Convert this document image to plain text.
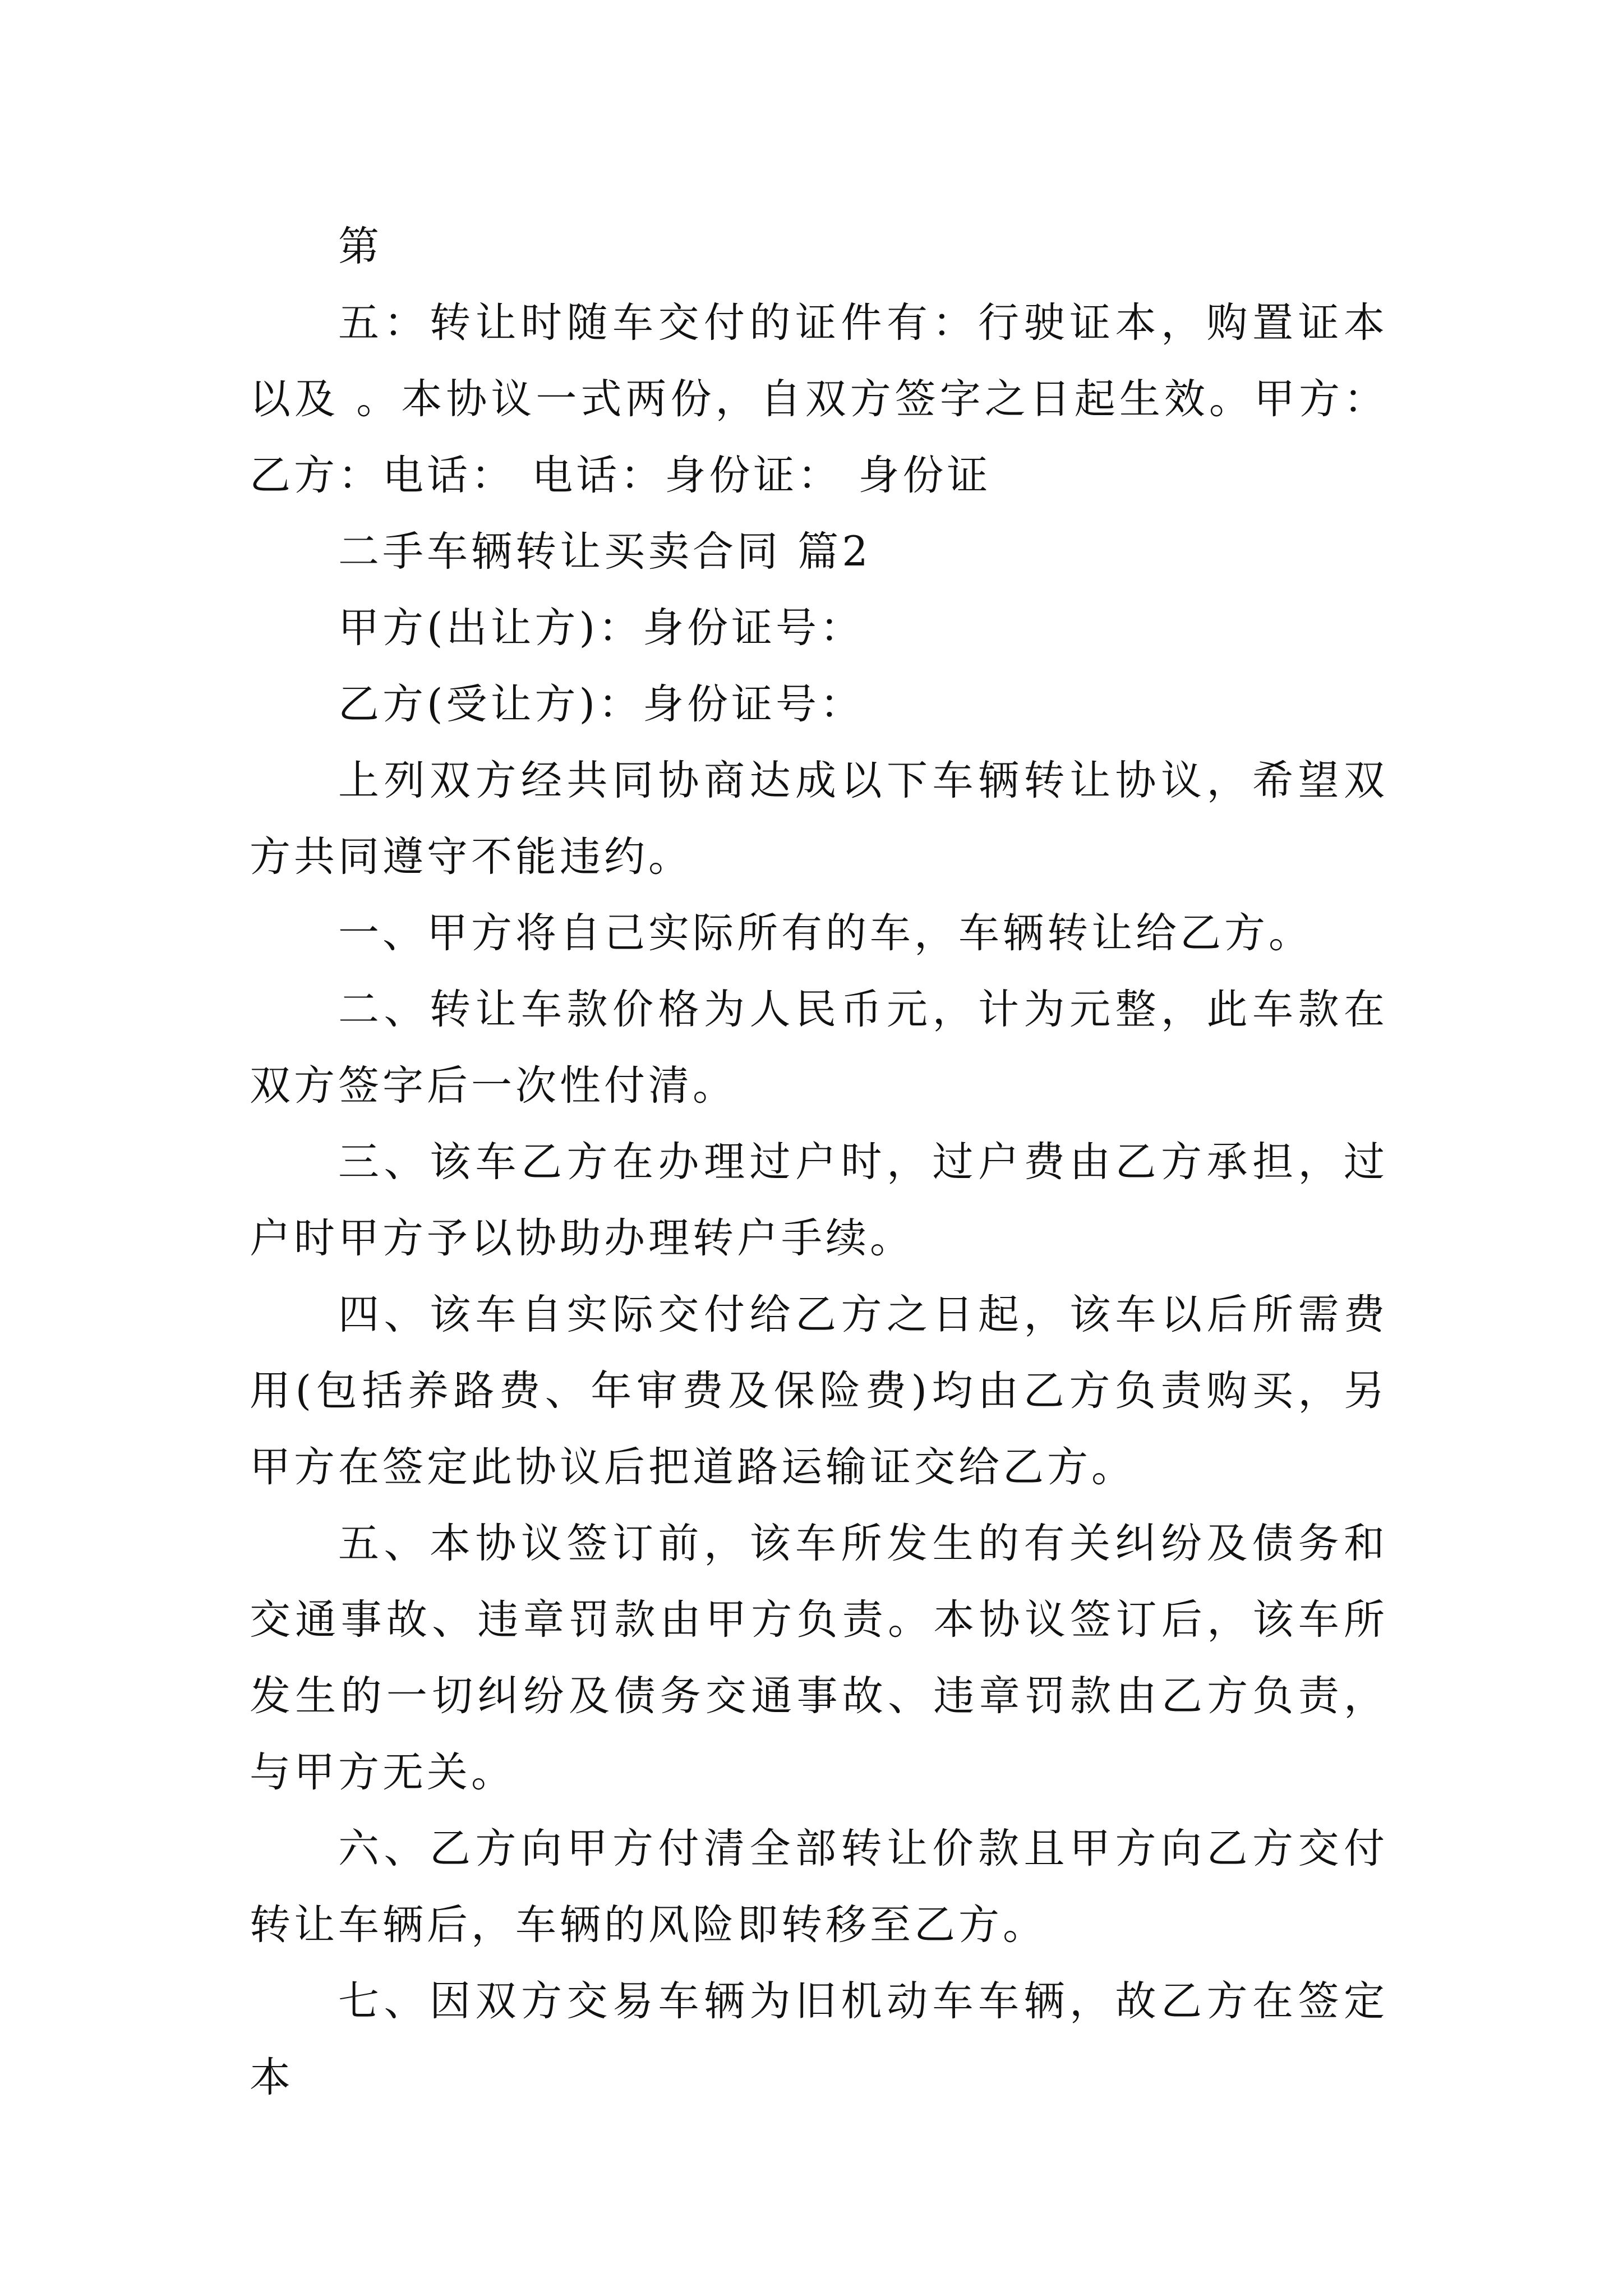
第

五：转让时随车交付的证件有：行驶证本，购置证本以及 。本协议一式两份，自双方签字之日起生效。甲方： 乙方：电话： 电话：身份证： 身份证

二手车辆转让买卖合同 篇2

甲方(出让方)：身份证号：

乙方(受让方)：身份证号：

上列双方经共同协商达成以下车辆转让协议，希望双方共同遵守不能违约。

一、甲方将自己实际所有的车，车辆转让给乙方。

二、转让车款价格为人民币元，计为元整，此车款在双方签字后一次性付清。

三、该车乙方在办理过户时，过户费由乙方承担，过户时甲方予以协助办理转户手续。

四、该车自实际交付给乙方之日起，该车以后所需费用(包括养路费、年审费及保险费)均由乙方负责购买，另甲方在签定此协议后把道路运输证交给乙方。

五、本协议签订前，该车所发生的有关纠纷及债务和交通事故、违章罚款由甲方负责。本协议签订后，该车所发生的一切纠纷及债务交通事故、违章罚款由乙方负责，与甲方无关。

六、乙方向甲方付清全部转让价款且甲方向乙方交付转让车辆后，车辆的风险即转移至乙方。

七、因双方交易车辆为旧机动车车辆，故乙方在签定本
